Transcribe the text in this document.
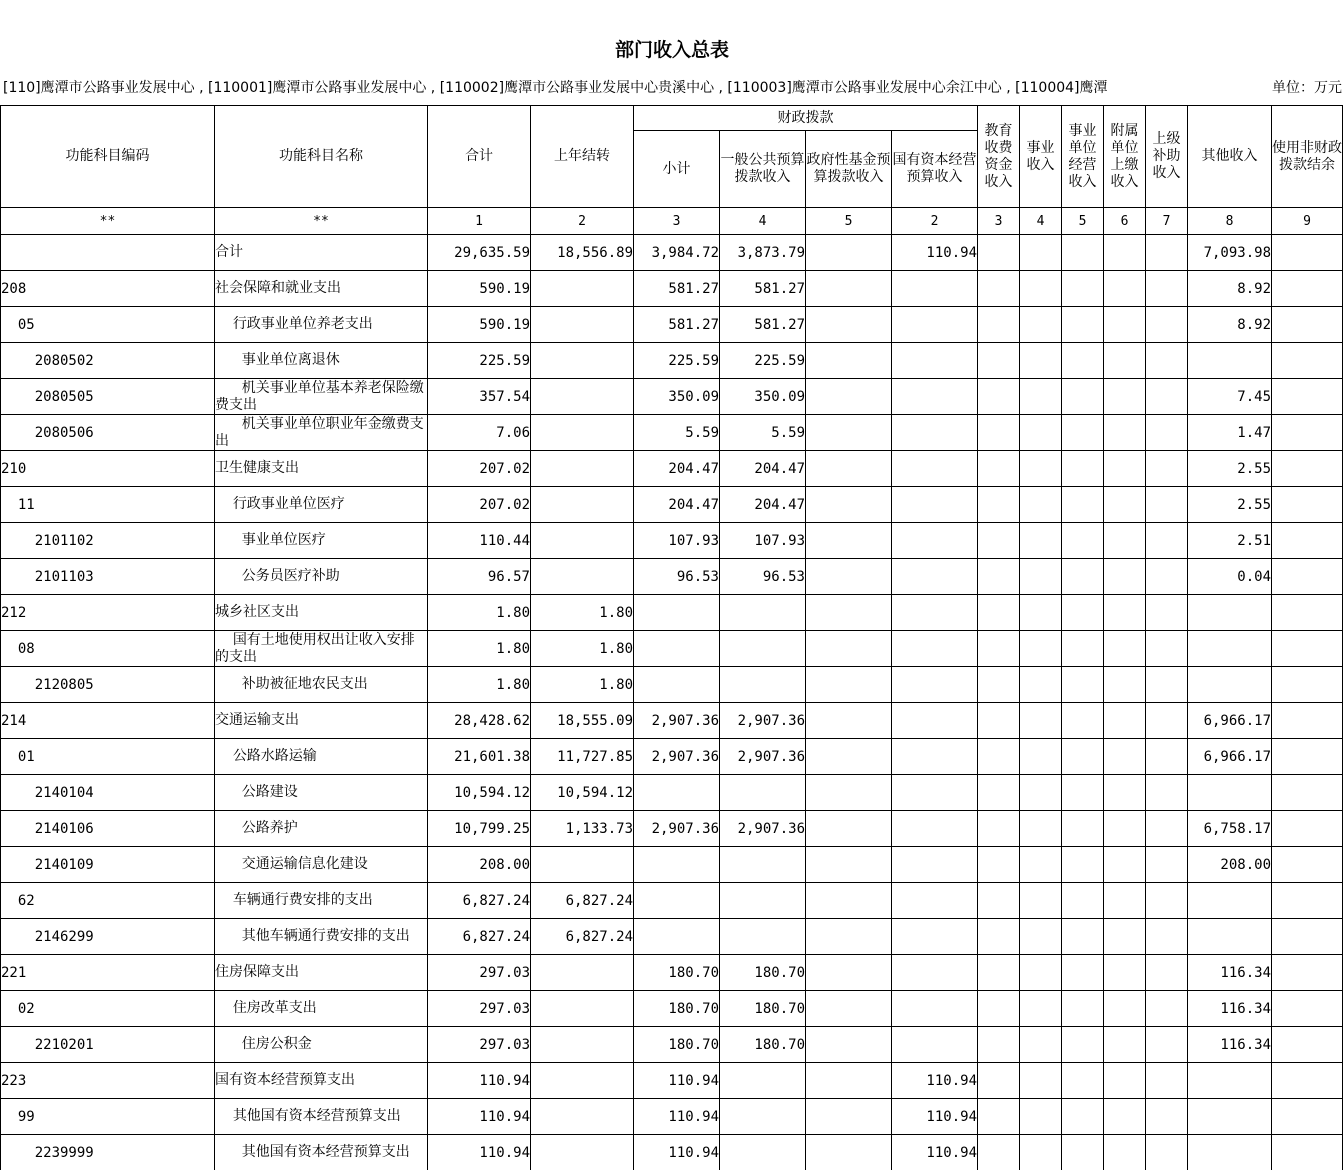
部门收入总表
[110]鹰潭市公路事业发展中心 , [110001]鹰潭市公路事业发展中心 , [110002]鹰潭市公路事业发展中心贵溪中心 , [110003]鹰潭市公路事业发展中心余江中心 , [110004]鹰潭	单位：万元
功能科目编码	功能科目名称	合计	上年结转	财政拨款				教育收费资金收入	事业收入	事业单位经营收入	附属单位上缴收入	上级补助收入	其他收入	使用非财政拨款结余
				小计	一般公共预算拨款收入	政府性基金预算拨款收入	国有资本经营预算收入							
**	**	1	2	3	4	5	2	3	4	5	6	7	8	9
	合计	29,635.59	18,556.89	3,984.72	3,873.79		110.94						7,093.98	
208	社会保障和就业支出	590.19		581.27	581.27								8.92	
05	行政事业单位养老支出	590.19		581.27	581.27								8.92	
2080502	事业单位离退休	225.59		225.59	225.59									
2080505	机关事业单位基本养老保险缴费支出	357.54		350.09	350.09								7.45	
2080506	机关事业单位职业年金缴费支出	7.06		5.59	5.59								1.47	
210	卫生健康支出	207.02		204.47	204.47								2.55	
11	行政事业单位医疗	207.02		204.47	204.47								2.55	
2101102	事业单位医疗	110.44		107.93	107.93								2.51	
2101103	公务员医疗补助	96.57		96.53	96.53								0.04	
212	城乡社区支出	1.80	1.80											
08	国有土地使用权出让收入安排的支出	1.80	1.80											
2120805	补助被征地农民支出	1.80	1.80											
214	交通运输支出	28,428.62	18,555.09	2,907.36	2,907.36								6,966.17	
01	公路水路运输	21,601.38	11,727.85	2,907.36	2,907.36								6,966.17	
2140104	公路建设	10,594.12	10,594.12											
2140106	公路养护	10,799.25	1,133.73	2,907.36	2,907.36								6,758.17	
2140109	交通运输信息化建设	208.00											208.00	
62	车辆通行费安排的支出	6,827.24	6,827.24											
2146299	其他车辆通行费安排的支出	6,827.24	6,827.24											
221	住房保障支出	297.03		180.70	180.70								116.34	
02	住房改革支出	297.03		180.70	180.70								116.34	
2210201	住房公积金	297.03		180.70	180.70								116.34	
223	国有资本经营预算支出	110.94		110.94			110.94							
99	其他国有资本经营预算支出	110.94		110.94			110.94							
2239999	其他国有资本经营预算支出	110.94		110.94			110.94							
